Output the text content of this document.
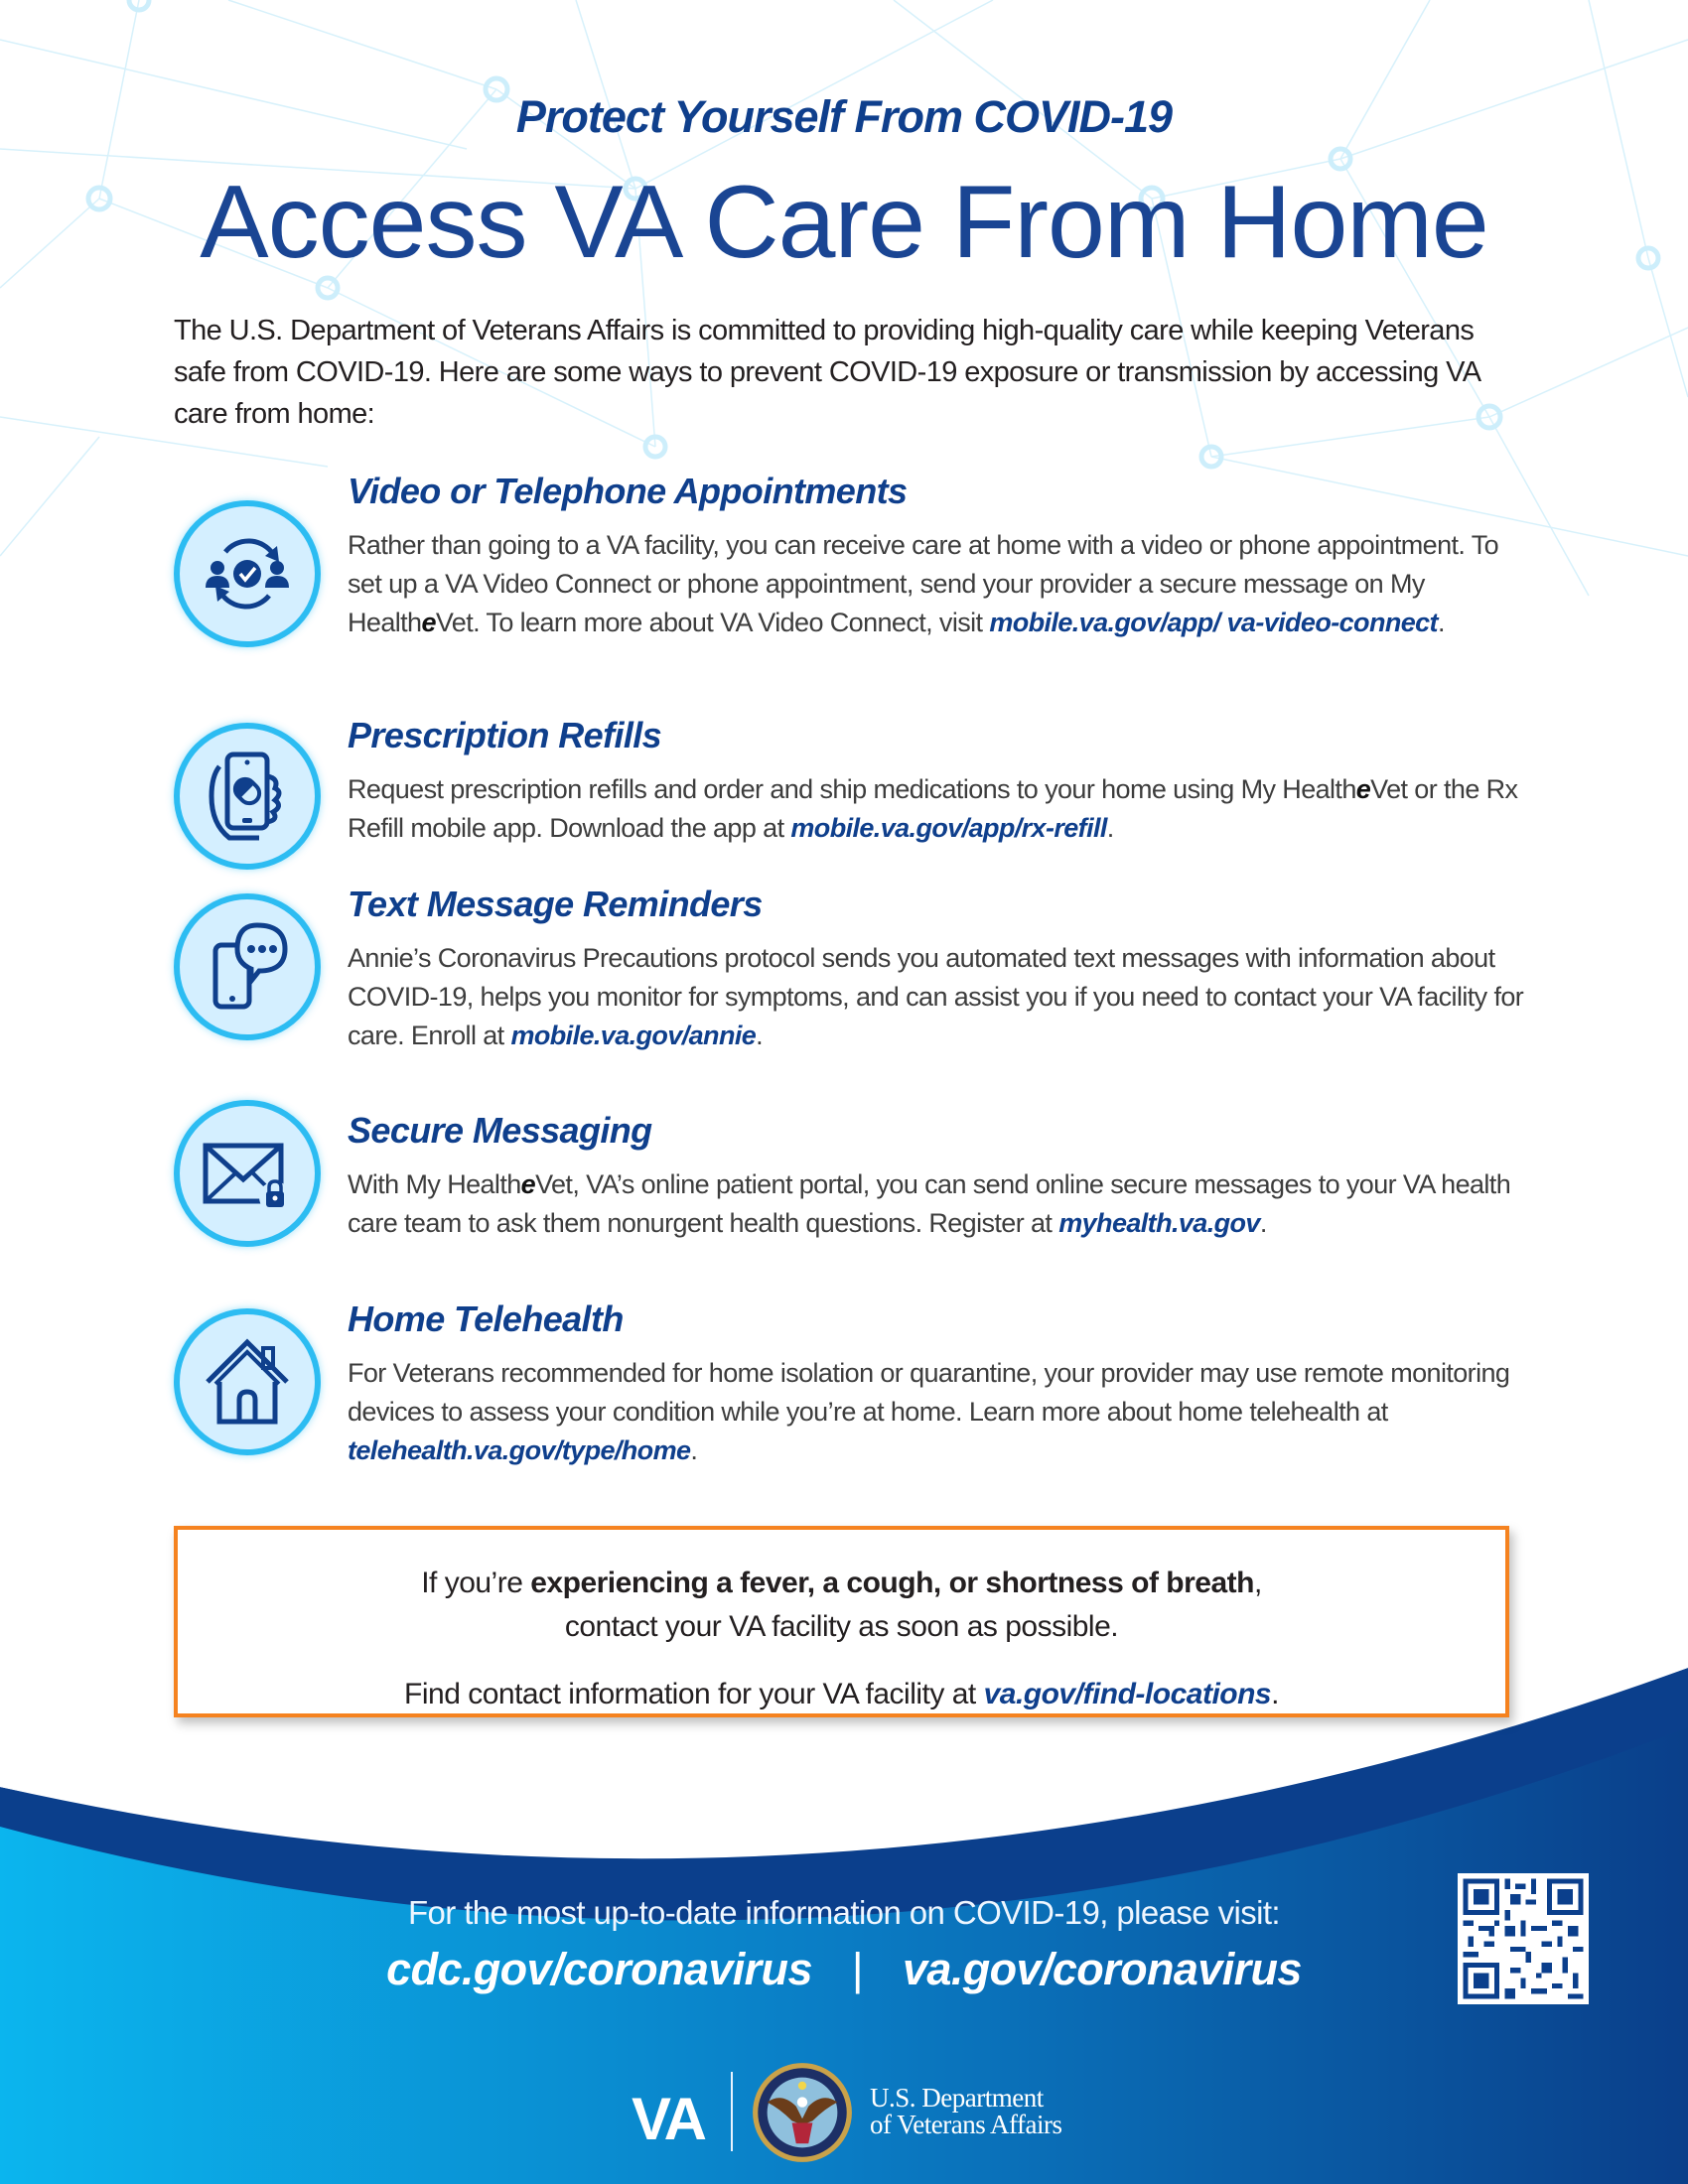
Protect Yourself From COVID-19
Access VA Care From Home
The U.S. Department of Veterans Affairs is committed to providing high-quality care while keeping Veterans safe from COVID-19. Here are some ways to prevent COVID-19 exposure or transmission by accessing VA care from home:
Video or Telephone Appointments
Rather than going to a VA facility, you can receive care at home with a video or phone appointment. To set up a VA Video Connect or phone appointment, send your provider a secure message on My HealtheVet. To learn more about VA Video Connect, visit mobile.va.gov/app/ va-video-connect.
Prescription Refills
Request prescription refills and order and ship medications to your home using My HealtheVet or the Rx Refill mobile app. Download the app at mobile.va.gov/app/rx-refill.
Text Message Reminders
Annie’s Coronavirus Precautions protocol sends you automated text messages with information about COVID-19, helps you monitor for symptoms, and can assist you if you need to contact your VA facility for care. Enroll at mobile.va.gov/annie.
Secure Messaging
With My HealtheVet, VA’s online patient portal, you can send online secure messages to your VA health care team to ask them nonurgent health questions. Register at myhealth.va.gov.
Home Telehealth
For Veterans recommended for home isolation or quarantine, your provider may use remote monitoring devices to assess your condition while you’re at home. Learn more about home telehealth at telehealth.va.gov/type/home.
If you’re experiencing a fever, a cough, or shortness of breath,
contact your VA facility as soon as possible.
Find contact information for your VA facility at va.gov/find-locations.
For the most up-to-date information on COVID-19, please visit:
cdc.gov/coronavirus | va.gov/coronavirus
VA	U.S. Department
of Veterans Affairs
